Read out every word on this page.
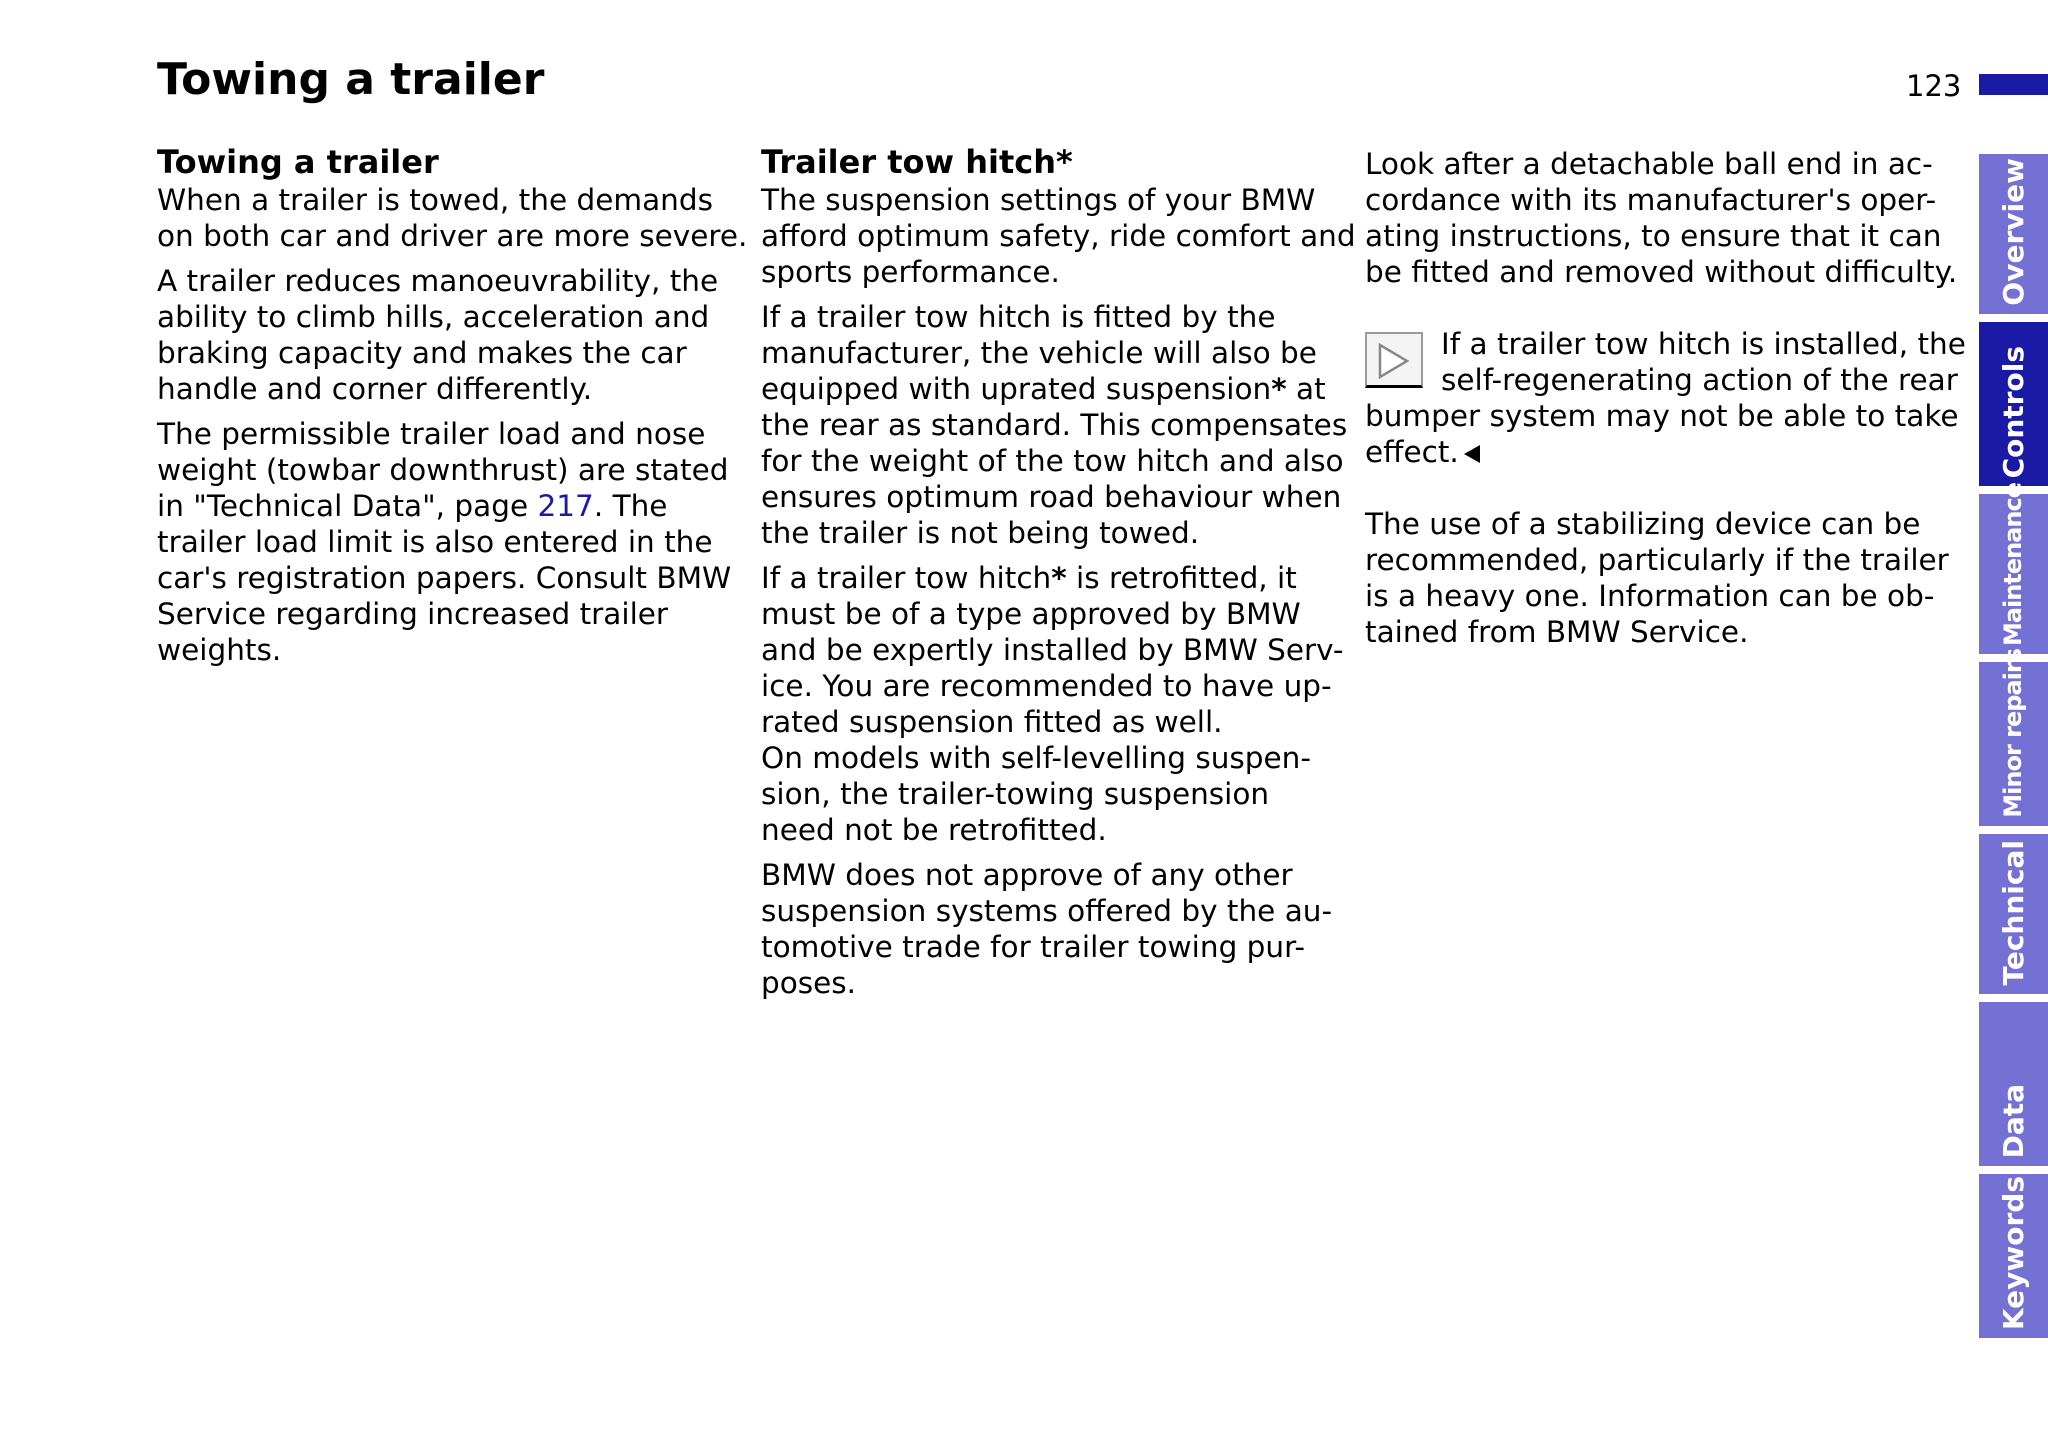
Towing a trailer	123
Towing a trailer

When a trailer is towed, the demands
on both car and driver are more severe.

A trailer reduces manoeuvrability, the
ability to climb hills, acceleration and
braking capacity and makes the car
handle and corner differently.

The permissible trailer load and nose
weight (towbar downthrust) are stated
in "Technical Data", page 217. The
trailer load limit is also entered in the
car's registration papers. Consult BMW
Service regarding increased trailer
weights.

Trailer tow hitch*

The suspension settings of your BMW
afford optimum safety, ride comfort and
sports performance.

If a trailer tow hitch is fitted by the
manufacturer, the vehicle will also be
equipped with uprated suspension* at
the rear as standard. This compensates
for the weight of the tow hitch and also
ensures optimum road behaviour when
the trailer is not being towed.

If a trailer tow hitch* is retrofitted, it
must be of a type approved by BMW
and be expertly installed by BMW Serv-
ice. You are recommended to have up-
rated suspension fitted as well.

On models with self-levelling suspen-
sion, the trailer-towing suspension
need not be retrofitted.

BMW does not approve of any other
suspension systems offered by the au-
tomotive trade for trailer towing pur-
poses.

Look after a detachable ball end in ac-
cordance with its manufacturer's oper-
ating instructions, to ensure that it can
be fitted and removed without difficulty.

If a trailer tow hitch is installed, the
self-regenerating action of the rear
bumper system may not be able to take
effect.

The use of a stabilizing device can be
recommended, particularly if the trailer
is a heavy one. Information can be ob-
tained from BMW Service.

Overview
Controls
Maintenance
Minor repairs
Technical
Data
Keywords
